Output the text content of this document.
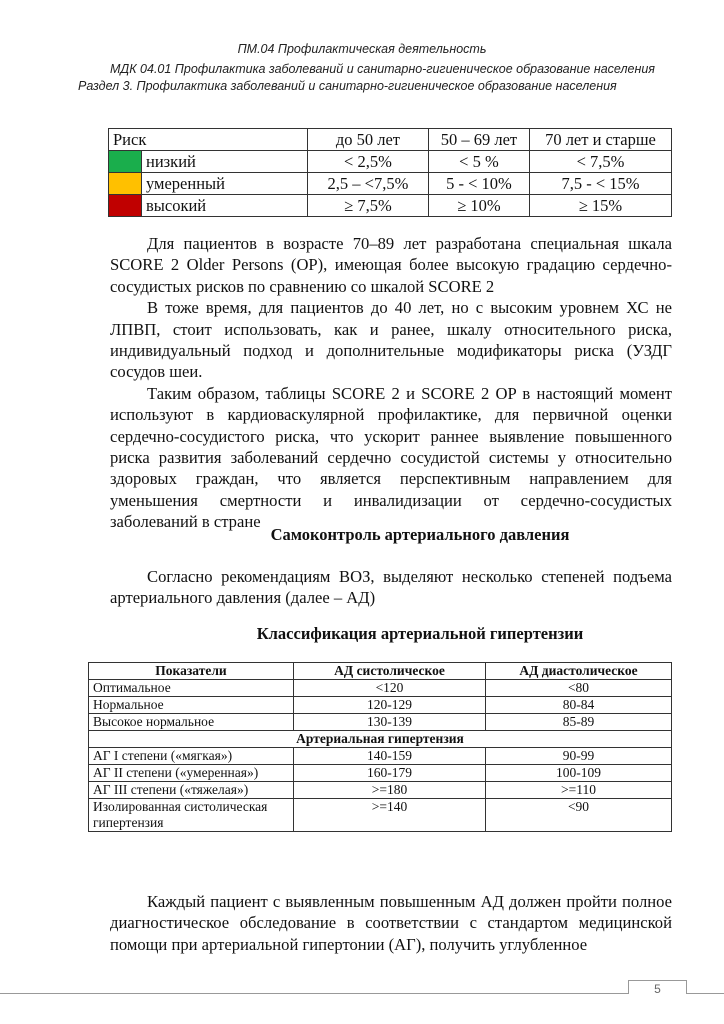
ПМ.04 Профилактическая деятельность
МДК 04.01 Профилактика заболеваний и санитарно-гигиеническое образование населения
Раздел 3. Профилактика заболеваний и санитарно-гигиеническое образование населения
Риск		до 50 лет	50 – 69 лет	70 лет и старше
	низкий	< 2,5%	< 5 %	< 7,5%
	умеренный	2,5 – <7,5%	5 - < 10%	7,5 - < 15%
	высокий	≥ 7,5%	≥ 10%	≥ 15%

Для пациентов в возрасте 70–89 лет разработана специальная шкала SCORE 2 Older Persons (OP), имеющая более высокую градацию сердечно-сосудистых рисков по сравнению со шкалой SCORE 2

В тоже время, для пациентов до 40 лет, но с высоким уровнем ХС не ЛПВП, стоит использовать, как и ранее, шкалу относительного риска, индивидуальный подход и дополнительные модификаторы риска (УЗДГ сосудов шеи.

Таким образом, таблицы SCORE 2 и SCORE 2 OP в настоящий момент используют в кардиоваскулярной профилактике, для первичной оценки сердечно-сосудистого риска, что ускорит раннее выявление повышенного риска развития заболеваний сердечно сосудистой системы у относительно здоровых граждан, что является перспективным направлением для уменьшения смертности и инвалидизации от сердечно-сосудистых заболеваний в стране

Самоконтроль артериального давления

Согласно рекомендациям ВОЗ, выделяют несколько степеней подъема артериального давления (далее – АД)

Классификация артериальной гипертензии
Показатели	АД систолическое	АД диастолическое
Оптимальное	<120	<80
Нормальное	120-129	80-84
Высокое нормальное	130-139	85-89
Артериальная гипертензия		
АГ I степени («мягкая»)	140-159	90-99
АГ II степени («умеренная»)	160-179	100-109
АГ III степени («тяжелая»)	>=180	>=110
Изолированная систолическая гипертензия	>=140	<90

Каждый пациент с выявленным повышенным АД должен пройти полное диагностическое обследование в соответствии с стандартом медицинской помощи при артериальной гипертонии (АГ), получить углубленное

5
